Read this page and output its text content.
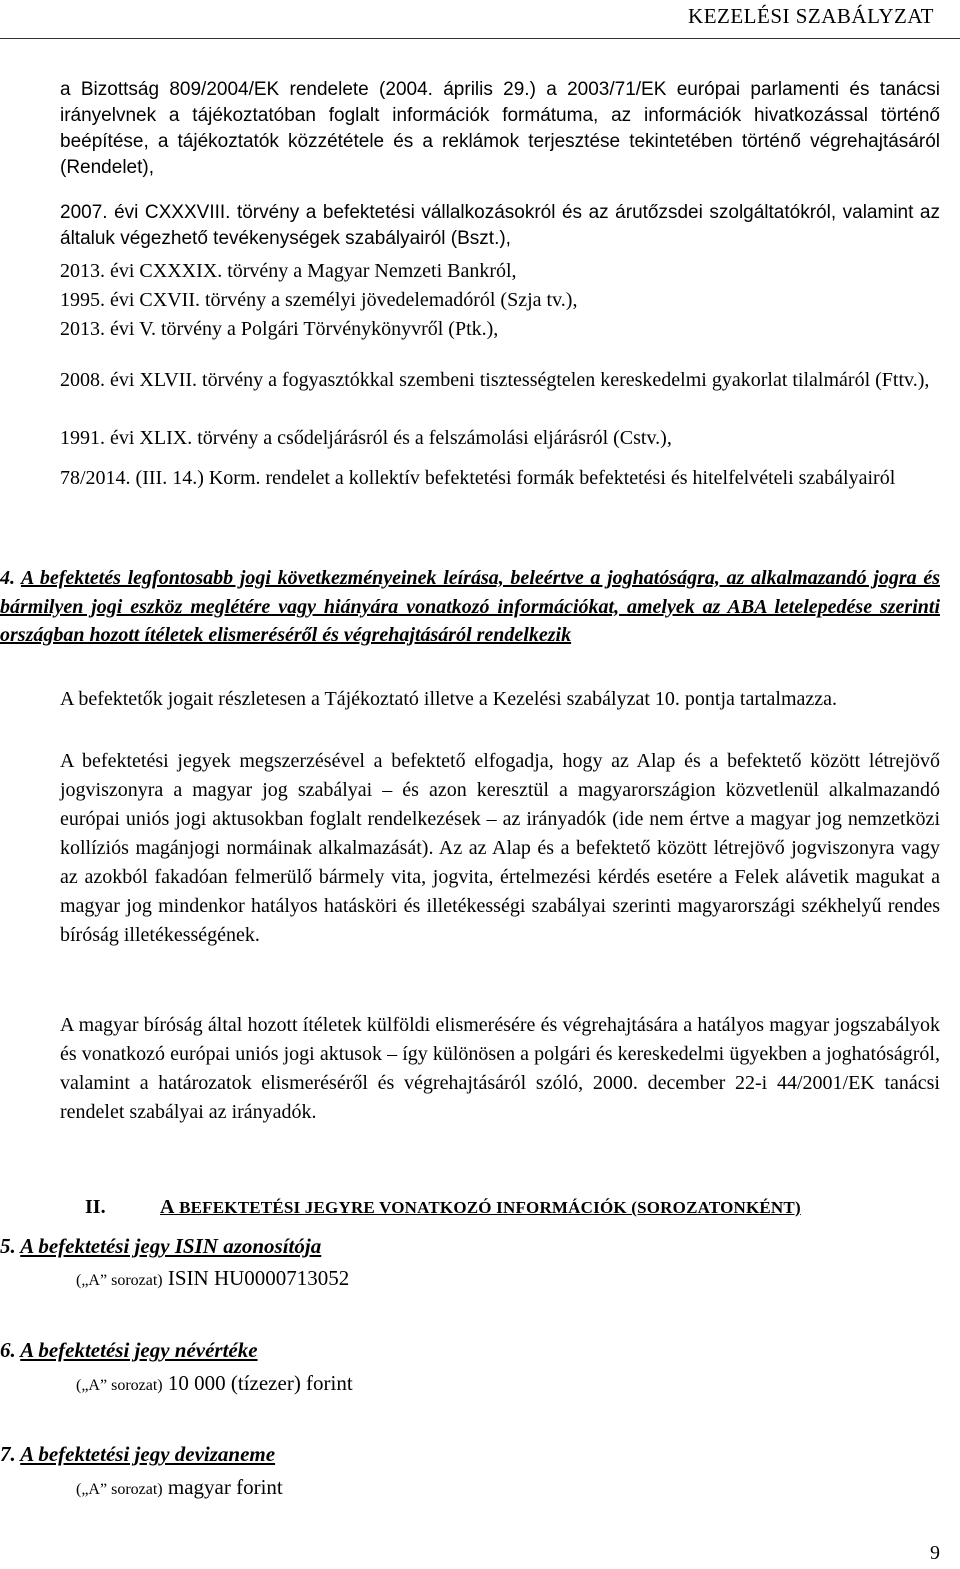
KEZELÉSI SZABÁLYZAT
a Bizottság 809/2004/EK rendelete (2004. április 29.) a 2003/71/EK európai parlamenti és tanácsi irányelvnek a tájékoztatóban foglalt információk formátuma, az információk hivatkozással történő beépítése, a tájékoztatók közzététele és a reklámok terjesztése tekintetében történő végrehajtásáról (Rendelet),
2007. évi CXXXVIII. törvény a befektetési vállalkozásokról és az árutőzsdei szolgáltatókról, valamint az általuk végezhető tevékenységek szabályairól (Bszt.),
2013. évi CXXXIX. törvény a Magyar Nemzeti Bankról,
1995. évi CXVII. törvény a személyi jövedelemadóról (Szja tv.),
2013. évi V. törvény a Polgári Törvénykönyvről (Ptk.),
2008. évi XLVII. törvény a fogyasztókkal szembeni tisztességtelen kereskedelmi gyakorlat tilalmáról (Fttv.),
1991. évi XLIX. törvény a csődeljárásról és a felszámolási eljárásról (Cstv.),
78/2014. (III. 14.) Korm. rendelet a kollektív befektetési formák befektetési és hitelfelvételi szabályairól
4. A befektetés legfontosabb jogi következményeinek leírása, beleértve a joghatóságra, az alkalmazandó jogra és bármilyen jogi eszköz meglétére vagy hiányára vonatkozó információkat, amelyek az ABA letelepedése szerinti országban hozott ítéletek elismeréséről és végrehajtásáról rendelkezik
A befektetők jogait részletesen a Tájékoztató illetve a Kezelési szabályzat 10. pontja tartalmazza.
A befektetési jegyek megszerzésével a befektető elfogadja, hogy az Alap és a befektető között létrejövő jogviszonyra a magyar jog szabályai – és azon keresztül a magyarországion közvetlenül alkalmazandó európai uniós jogi aktusokban foglalt rendelkezések – az irányadók (ide nem értve a magyar jog nemzetközi kollíziós magánjogi normáinak alkalmazását). Az az Alap és a befektető között létrejövő jogviszonyra vagy az azokból fakadóan felmerülő bármely vita, jogvita, értelmezési kérdés esetére a Felek alávetik magukat a magyar jog mindenkor hatályos hatásköri és illetékességi szabályai szerinti magyarországi székhelyű rendes bíróság illetékességének.
A magyar bíróság által hozott ítéletek külföldi elismerésére és végrehajtására a hatályos magyar jogszabályok és vonatkozó európai uniós jogi aktusok – így különösen a polgári és kereskedelmi ügyekben a joghatóságról, valamint a határozatok elismeréséről és végrehajtásáról szóló, 2000. december 22-i 44/2001/EK tanácsi rendelet szabályai az irányadók.
II.	A BEFEKTETÉSI JEGYRE VONATKOZÓ INFORMÁCIÓK (SOROZATONKÉNT)
5. A befektetési jegy ISIN azonosítója
(„A” sorozat) ISIN HU0000713052
6. A befektetési jegy névértéke
(„A” sorozat) 10 000 (tízezer) forint
7. A befektetési jegy devizaneme
(„A” sorozat) magyar forint
9
